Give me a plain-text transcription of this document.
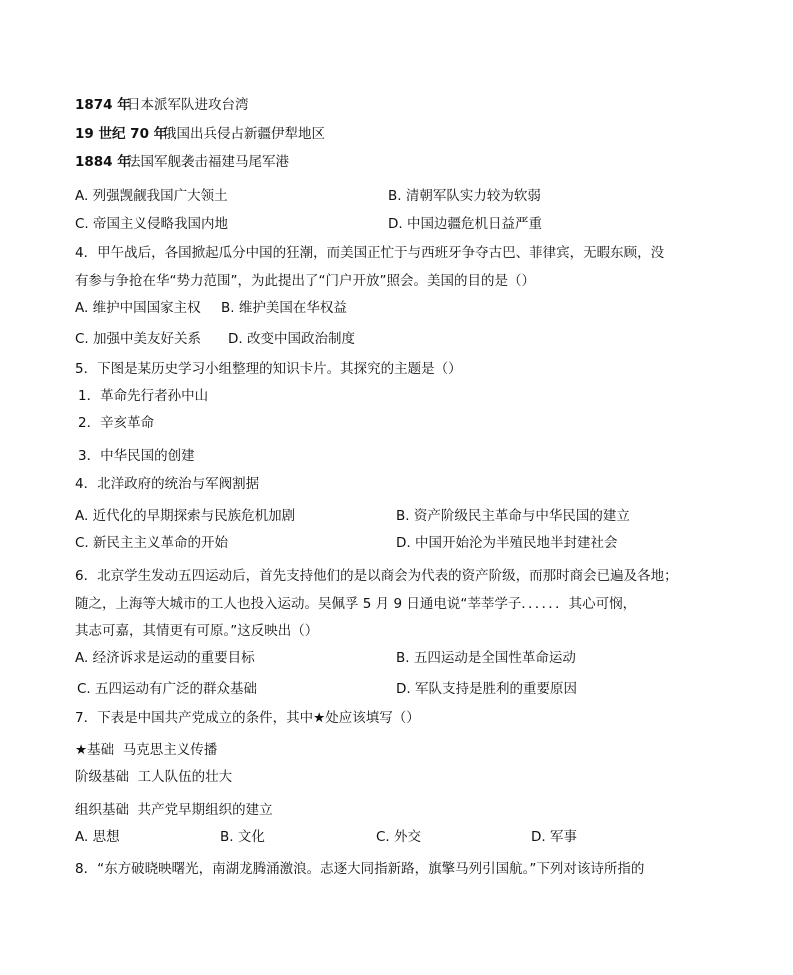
1874 年日本派军队进攻台湾
19 世纪 70 年俄国出兵侵占新疆伊犁地区
1884 年法国军舰袭击福建马尾军港
A. 列强觊觎我国广大领土	B. 清朝军队实力较为软弱
C. 帝国主义侵略我国内地	D. 中国边疆危机日益严重
4．甲午战后，各国掀起瓜分中国的狂潮，而美国正忙于与西班牙争夺古巴、菲律宾，无暇东顾，没
有参与争抢在华“势力范围”，为此提出了“门户开放”照会。美国的目的是（）
A. 维护中国国家主权 B. 维护美国在华权益
C. 加强中美友好关系 D. 改变中国政治制度
5．下图是某历史学习小组整理的知识卡片。其探究的主题是（）
1．革命先行者孙中山
2．辛亥革命
3．中华民国的创建
4．北洋政府的统治与军阀割据
A. 近代化的早期探索与民族危机加剧	B. 资产阶级民主革命与中华民国的建立
C. 新民主主义革命的开始	D. 中国开始沦为半殖民地半封建社会
6．北京学生发动五四运动后，首先支持他们的是以商会为代表的资产阶级，而那时商会已遍及各地；
随之，上海等大城市的工人也投入运动。吴佩孚 5 月 9 日通电说“莘莘学子．．．．．．其心可悯，
其志可嘉，其情更有可原。”这反映出（）
A. 经济诉求是运动的重要目标	B. 五四运动是全国性革命运动
C. 五四运动有广泛的群众基础	D. 军队支持是胜利的重要原因
7．下表是中国共产党成立的条件，其中★处应该填写（）
★基础 马克思主义传播
阶级基础 工人队伍的壮大
组织基础 共产党早期组织的建立
A. 思想	B. 文化	C. 外交	D. 军事
8．“东方破晓映曙光，南湖龙腾涌激浪。志逐大同指新路，旗擎马列引国航。”下列对该诗所指的
